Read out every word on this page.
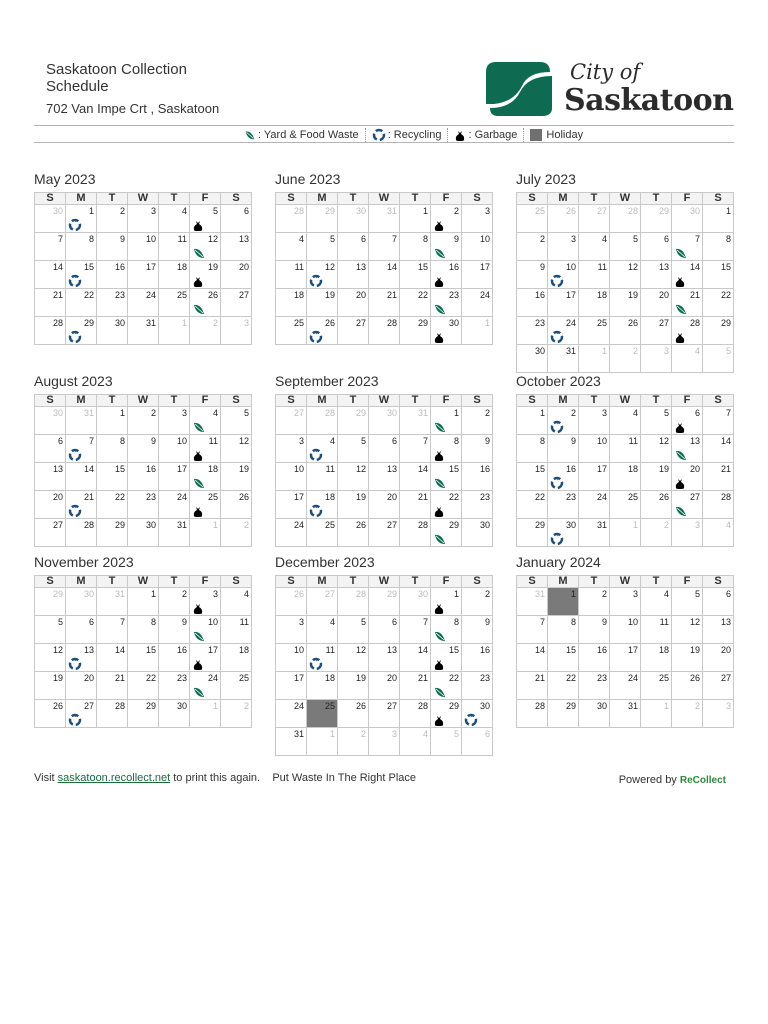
Saskatoon Collection Schedule
702 Van Impe Crt , Saskatoon
City of
Saskatoon
: Yard & Food Waste	: Recycling : Garbage	Holiday
May 2023
S	M	T	W	T	F	S

30	1	2	3	4	5	6

7	8	9	10	11	12	13

14	15	16	17	18	19	20

21	22	23	24	25	26	27

28	29	30	31	1	2	3
June 2023
S	M	T	W	T	F	S

28	29	30	31	1	2	3

4	5	6	7	8	9	10

11	12	13	14	15	16	17

18	19	20	21	22	23	24

25	26	27	28	29	30	1
July 2023
S	M	T	W	T	F	S

25	26	27	28	29	30	1

2	3	4	5	6	7	8

9	10	11	12	13	14	15

16	17	18	19	20	21	22

23	24	25	26	27	28	29

30	31	1	2	3	4	5
August 2023
S	M	T	W	T	F	S

30	31	1	2	3	4	5

6	7	8	9	10	11	12

13	14	15	16	17	18	19

20	21	22	23	24	25	26

27	28	29	30	31	1	2
September 2023
S	M	T	W	T	F	S

27	28	29	30	31	1	2

3	4	5	6	7	8	9

10	11	12	13	14	15	16

17	18	19	20	21	22	23

24	25	26	27	28	29	30
October 2023
S	M	T	W	T	F	S

1	2	3	4	5	6	7

8	9	10	11	12	13	14

15	16	17	18	19	20	21

22	23	24	25	26	27	28

29	30	31	1	2	3	4
November 2023
S	M	T	W	T	F	S

29	30	31	1	2	3	4

5	6	7	8	9	10	11

12	13	14	15	16	17	18

19	20	21	22	23	24	25

26	27	28	29	30	1	2
December 2023
S	M	T	W	T	F	S

26	27	28	29	30	1	2

3	4	5	6	7	8	9

10	11	12	13	14	15	16

17	18	19	20	21	22	23

24	25	26	27	28	29	30

31	1	2	3	4	5	6
January 2024
S	M	T	W	T	F	S

31	1	2	3	4	5	6

7	8	9	10	11	12	13

14	15	16	17	18	19	20

21	22	23	24	25	26	27

28	29	30	31	1	2	3
Visit saskatoon.recollect.net to print this again. Put Waste In The Right Place	Powered by ReCollect
